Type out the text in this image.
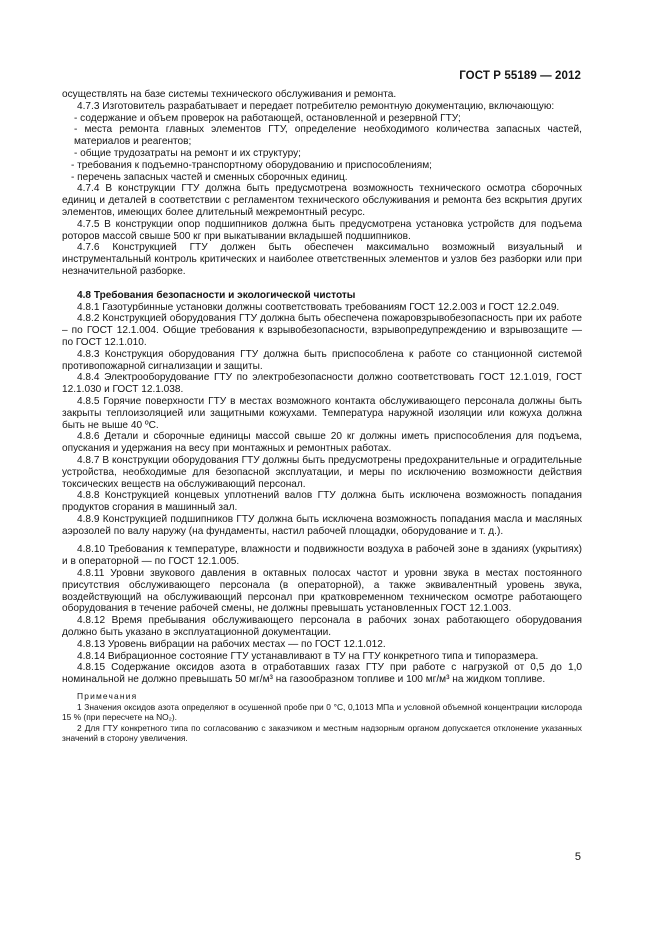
ГОСТ Р 55189 — 2012

осуществлять на базе системы технического обслуживания и ремонта.

4.7.3 Изготовитель разрабатывает и передает потребителю ремонтную документацию, включающую:

- содержание и объем проверок на работающей, остановленной и резервной ГТУ;

- места ремонта главных элементов ГТУ, определение необходимого количества запасных частей, материалов и реагентов;

- общие трудозатраты на ремонт и их структуру;

- требования к подъемно-транспортному оборудованию и приспособлениям;

- перечень запасных частей и сменных сборочных единиц.

4.7.4 В конструкции ГТУ должна быть предусмотрена возможность технического осмотра сборочных единиц и деталей в соответствии с регламентом технического обслуживания и ремонта без вскрытия других элементов, имеющих более длительный межремонтный ресурс.

4.7.5 В конструкции опор подшипников должна быть предусмотрена установка устройств для подъема роторов массой свыше 500 кг при выкатывании вкладышей подшипников.

4.7.6 Конструкцией ГТУ должен быть обеспечен максимально возможный визуальный и инструментальный контроль критических и наиболее ответственных элементов и узлов без разборки или при незначительной разборке.

4.8 Требования безопасности и экологической чистоты

4.8.1 Газотурбинные установки должны соответствовать требованиям ГОСТ 12.2.003 и ГОСТ 12.2.049.

4.8.2 Конструкцией оборудования ГТУ должна быть обеспечена пожаровзрывобезопасность при их работе – по ГОСТ 12.1.004. Общие требования к взрывобезопасности, взрывопредупреждению и взрывозащите — по ГОСТ 12.1.010.

4.8.3 Конструкция оборудования ГТУ должна быть приспособлена к работе со станционной системой противопожарной сигнализации и защиты.

4.8.4 Электрооборудование ГТУ по электробезопасности должно соответствовать ГОСТ 12.1.019, ГОСТ 12.1.030 и ГОСТ 12.1.038.

4.8.5 Горячие поверхности ГТУ в местах возможного контакта обслуживающего персонала должны быть закрыты теплоизоляцией или защитными кожухами. Температура наружной изоляции или кожуха должна быть не выше 40 ºС.

4.8.6 Детали и сборочные единицы массой свыше 20 кг должны иметь приспособления для подъема, опускания и удержания на весу при монтажных и ремонтных работах.

4.8.7 В конструкции оборудования ГТУ должны быть предусмотрены предохранительные и оградительные устройства, необходимые для безопасной эксплуатации, и меры по исключению возможности действия токсических веществ на обслуживающий персонал.

4.8.8 Конструкцией концевых уплотнений валов ГТУ должна быть исключена возможность попадания продуктов сгорания в машинный зал.

4.8.9 Конструкцией подшипников ГТУ должна быть исключена возможность попадания масла и масляных аэрозолей по валу наружу (на фундаменты, настил рабочей площадки, оборудование и т. д.).

4.8.10 Требования к температуре, влажности и подвижности воздуха в рабочей зоне в зданиях (укрытиях) и в операторной — по ГОСТ 12.1.005.

4.8.11 Уровни звукового давления в октавных полосах частот и уровни звука в местах постоянного присутствия обслуживающего персонала (в операторной), а также эквивалентный уровень звука, воздействующий на обслуживающий персонал при кратковременном техническом осмотре работающего оборудования в течение рабочей смены, не должны превышать установленных ГОСТ 12.1.003.

4.8.12 Время пребывания обслуживающего персонала в рабочих зонах работающего оборудования должно быть указано в эксплуатационной документации.

4.8.13 Уровень вибрации на рабочих местах — по ГОСТ 12.1.012.

4.8.14 Вибрационное состояние ГТУ устанавливают в ТУ на ГТУ конкретного типа и типоразмера.

4.8.15 Содержание оксидов азота в отработавших газах ГТУ при работе с нагрузкой от 0,5 до 1,0 номинальной не должно превышать 50 мг/м³ на газообразном топливе и 100 мг/м³ на жидком топливе.

Примечания

1 Значения оксидов азота определяют в осушенной пробе при 0 °С, 0,1013 МПа и условной объемной концентрации кислорода 15 % (при пересчете на NO₂).

2 Для ГТУ конкретного типа по согласованию с заказчиком и местным надзорным органом допускается отклонение указанных значений в сторону увеличения.

5
